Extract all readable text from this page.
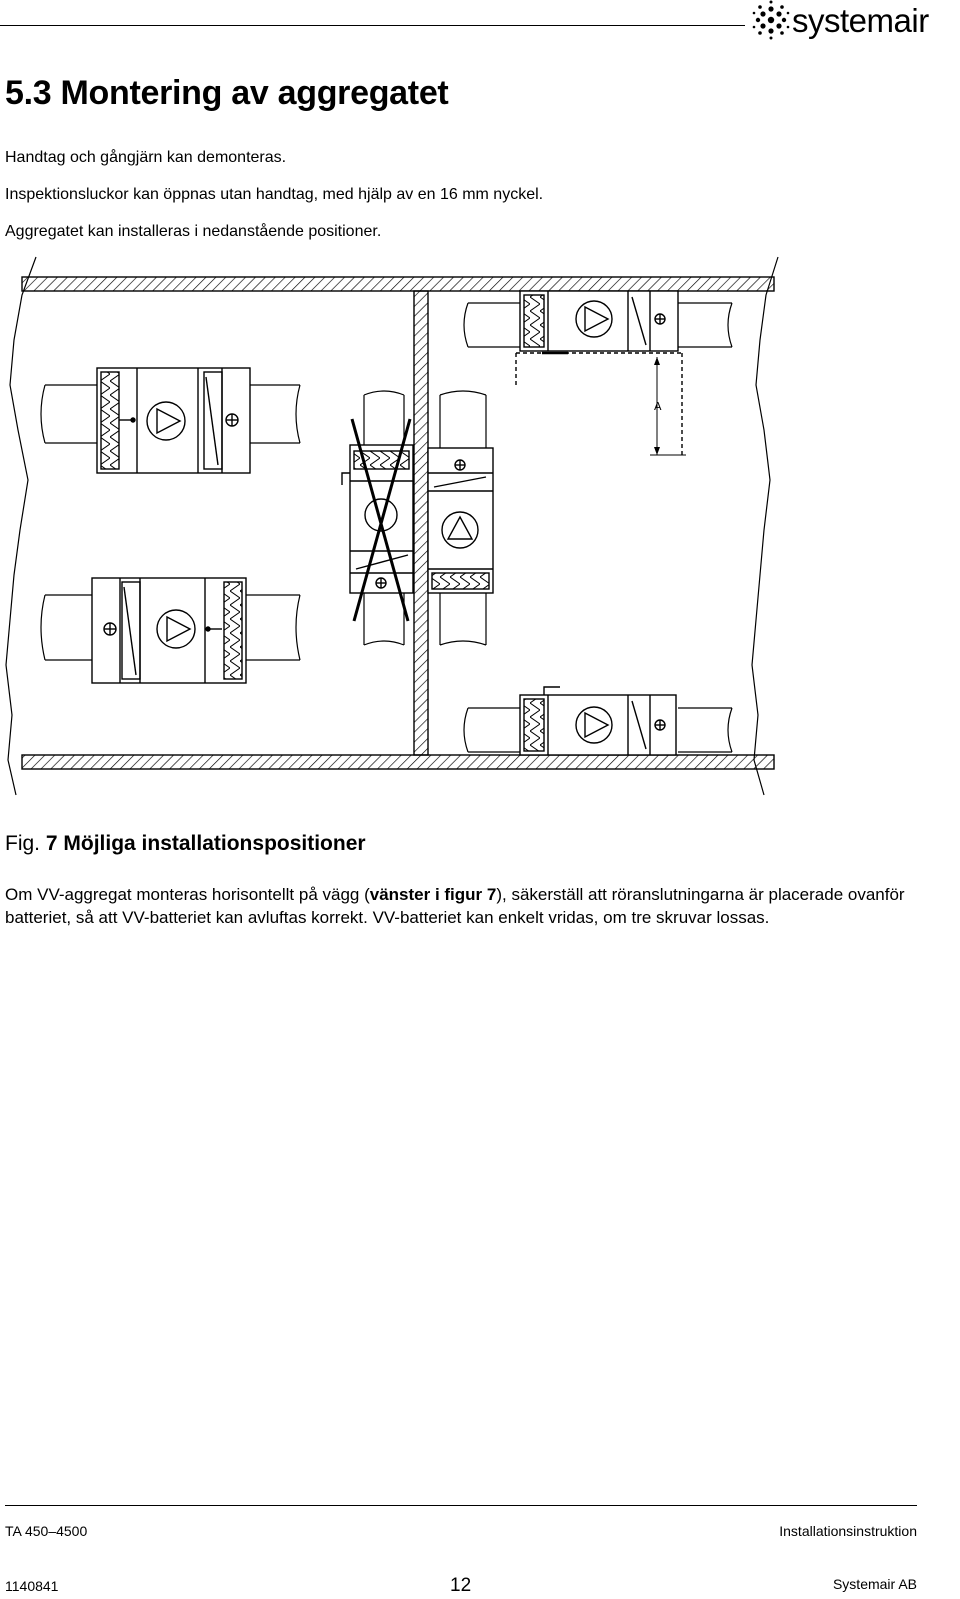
systemair
5.3 Montering av aggregatet

Handtag och gångjärn kan demonteras.

Inspektionsluckor kan öppnas utan handtag, med hjälp av en 16 mm nyckel.

Aggregatet kan installeras i nedanstående positioner.

A

Fig. 7 Möjliga installationspositioner

Om VV-aggregat monteras horisontellt på vägg (vänster i figur 7), säkerställ att röranslutningarna är placerade ovanför batteriet, så att VV-batteriet kan avluftas korrekt. VV-batteriet kan enkelt vridas, om tre skruvar lossas.

TA 450–4500
1140841	12
Installationsinstruktion
Systemair AB
